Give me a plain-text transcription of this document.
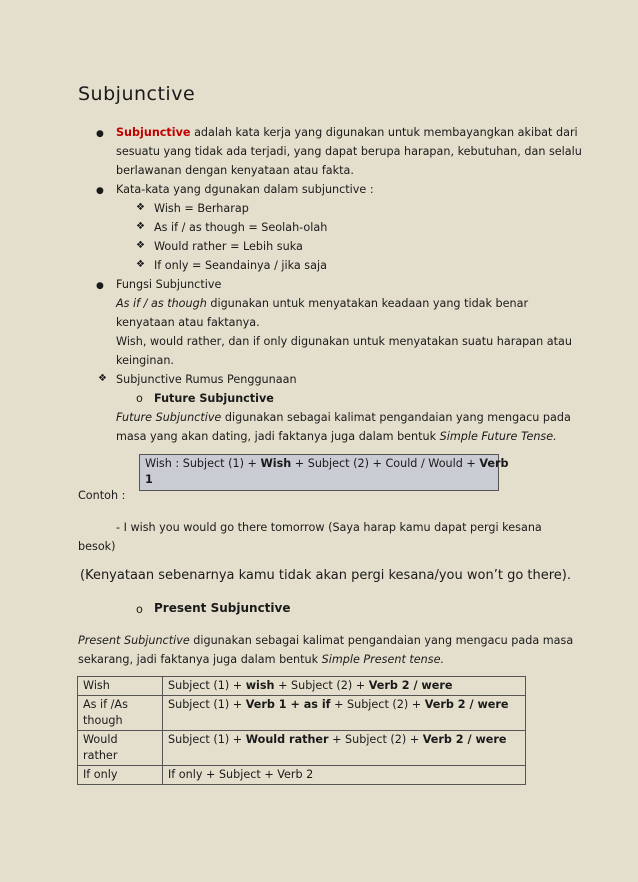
Subjunctive
● Subjunctive adalah kata kerja yang digunakan untuk membayangkan akibat dari
sesuatu yang tidak ada terjadi, yang dapat berupa harapan, kebutuhan, dan selalu
berlawanan dengan kenyataan atau fakta.
● Kata-kata yang dgunakan dalam subjunctive :
❖ Wish = Berharap
❖ As if / as though = Seolah-olah
❖ Would rather = Lebih suka
❖ If only = Seandainya / jika saja
● Fungsi Subjunctive
As if / as though digunakan untuk menyatakan keadaan yang tidak benar
kenyataan atau faktanya.
Wish, would rather, dan if only digunakan untuk menyatakan suatu harapan atau
keinginan.
❖ Subjunctive Rumus Penggunaan
o Future Subjunctive
Future Subjunctive digunakan sebagai kalimat pengandaian yang mengacu pada
masa yang akan dating, jadi faktanya juga dalam bentuk Simple Future Tense.
Wish : Subject (1) + Wish + Subject (2) + Could / Would + Verb
1
Contoh :
- I wish you would go there tomorrow (Saya harap kamu dapat pergi kesana
besok)
(Kenyataan sebenarnya kamu tidak akan pergi kesana/you won’t go there).
o Present Subjunctive
Present Subjunctive digunakan sebagai kalimat pengandaian yang mengacu pada masa
sekarang, jadi faktanya juga dalam bentuk Simple Present tense.
Wish	Subject (1) + wish + Subject (2) + Verb 2 / were
As if /As
though	Subject (1) + Verb 1 + as if + Subject (2) + Verb 2 / were
Would
rather	Subject (1) + Would rather + Subject (2) + Verb 2 / were
If only	If only + Subject + Verb 2
